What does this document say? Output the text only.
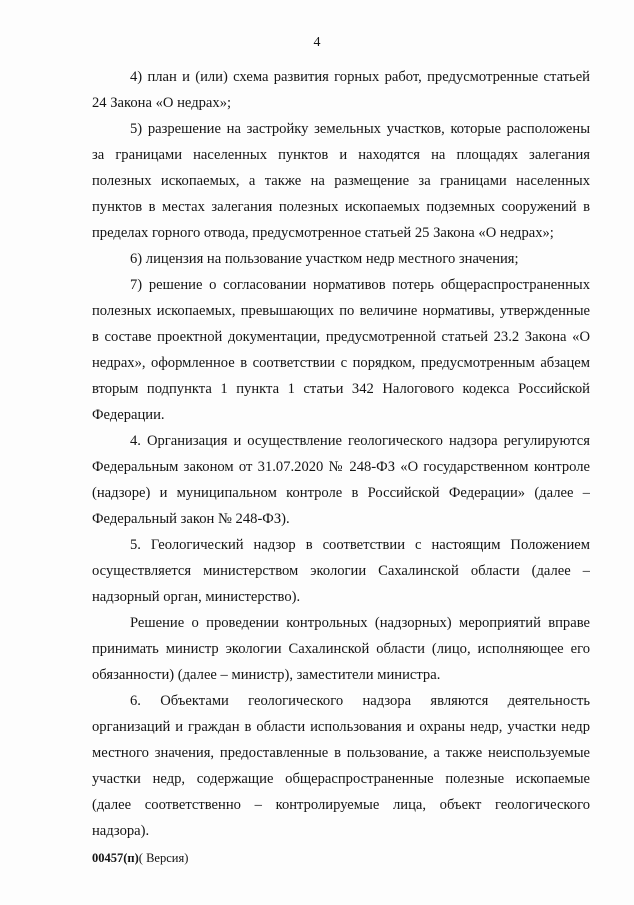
4
4) план и (или) схема развития горных работ, предусмотренные статьей
24 Закона «О недрах»;
5) разрешение на застройку земельных участков, которые расположены
за границами населенных пунктов и находятся на площадях залегания
полезных ископаемых, а также на размещение за границами населенных
пунктов в местах залегания полезных ископаемых подземных сооружений в
пределах горного отвода, предусмотренное статьей 25 Закона «О недрах»;
6) лицензия на пользование участком недр местного значения;
7) решение о согласовании нормативов потерь общераспространенных
полезных ископаемых, превышающих по величине нормативы, утвержденные
в составе проектной документации, предусмотренной статьей 23.2 Закона «О
недрах», оформленное в соответствии с порядком, предусмотренным абзацем
вторым подпункта 1 пункта 1 статьи 342 Налогового кодекса Российской
Федерации.
4. Организация и осуществление геологического надзора регулируются
Федеральным законом от 31.07.2020 № 248-ФЗ «О государственном контроле
(надзоре) и муниципальном контроле в Российской Федерации» (далее –
Федеральный закон № 248-ФЗ).
5. Геологический надзор в соответствии с настоящим Положением
осуществляется министерством экологии Сахалинской области (далее –
надзорный орган, министерство).
Решение о проведении контрольных (надзорных) мероприятий вправе
принимать министр экологии Сахалинской области (лицо, исполняющее его
обязанности) (далее – министр), заместители министра.
6. Объектами геологического надзора являются деятельность
организаций и граждан в области использования и охраны недр, участки недр
местного значения, предоставленные в пользование, а также неиспользуемые
участки недр, содержащие общераспространенные полезные ископаемые
(далее соответственно – контролируемые лица, объект геологического
надзора).
00457(п)( Версия)
